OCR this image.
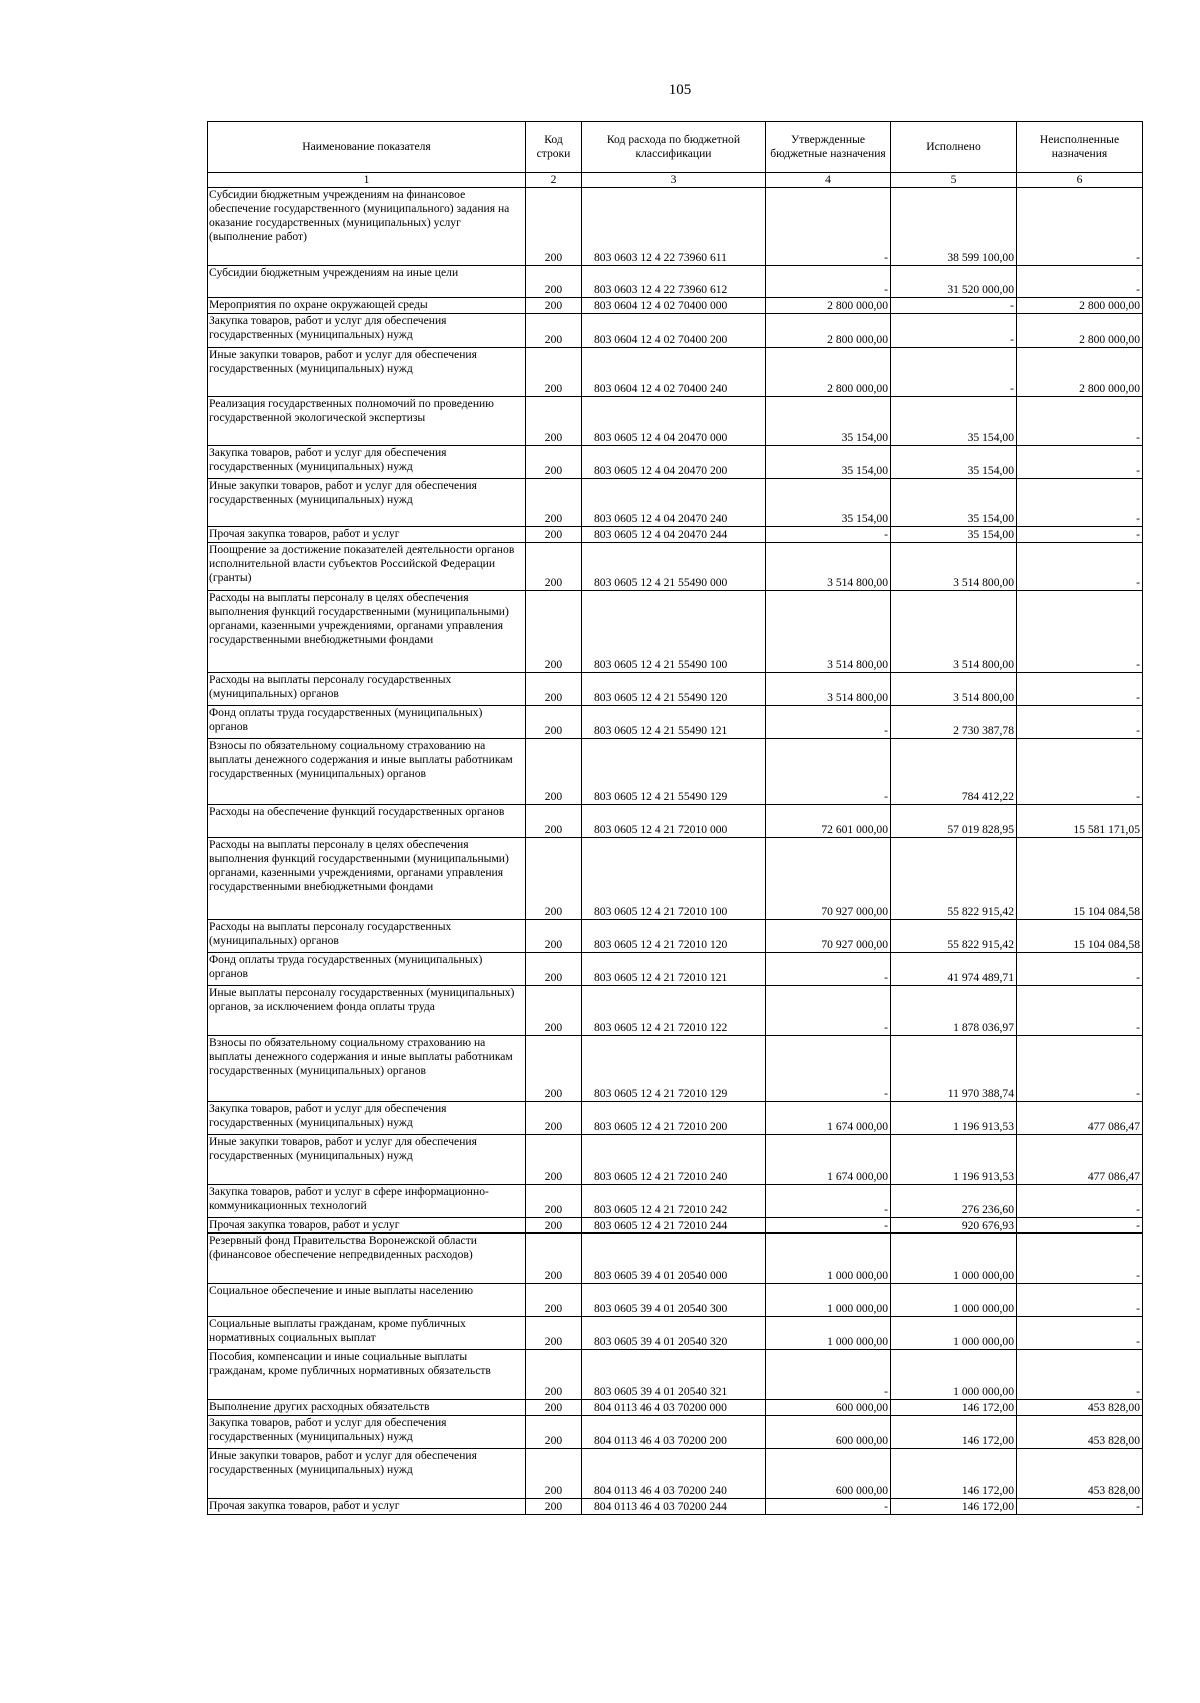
105
Наименование показателя	Код строки	Код расхода по бюджетной классификации	Утвержденные бюджетные назначения	Исполнено	Неисполненные назначения
1	2	3	4	5	6
Субсидии бюджетным учреждениям на финансовое обеспечение государственного (муниципального) задания на оказание государственных (муниципальных) услуг (выполнение работ)	200	803 0603 12 4 22 73960 611	-	38 599 100,00	-
Субсидии бюджетным учреждениям на иные цели	200	803 0603 12 4 22 73960 612	-	31 520 000,00	-
Мероприятия по охране окружающей среды	200	803 0604 12 4 02 70400 000	2 800 000,00	-	2 800 000,00
Закупка товаров, работ и услуг для обеспечения государственных (муниципальных) нужд	200	803 0604 12 4 02 70400 200	2 800 000,00	-	2 800 000,00
Иные закупки товаров, работ и услуг для обеспечения государственных (муниципальных) нужд	200	803 0604 12 4 02 70400 240	2 800 000,00	-	2 800 000,00
Реализация государственных полномочий по проведению государственной экологической экспертизы	200	803 0605 12 4 04 20470 000	35 154,00	35 154,00	-
Закупка товаров, работ и услуг для обеспечения государственных (муниципальных) нужд	200	803 0605 12 4 04 20470 200	35 154,00	35 154,00	-
Иные закупки товаров, работ и услуг для обеспечения государственных (муниципальных) нужд	200	803 0605 12 4 04 20470 240	35 154,00	35 154,00	-
Прочая закупка товаров, работ и услуг	200	803 0605 12 4 04 20470 244	-	35 154,00	-
Поощрение за достижение показателей деятельности органов исполнительной власти субъектов Российской Федерации (гранты)	200	803 0605 12 4 21 55490 000	3 514 800,00	3 514 800,00	-
Расходы на выплаты персоналу в целях обеспечения выполнения функций государственными (муниципальными) органами, казенными учреждениями, органами управления государственными внебюджетными фондами	200	803 0605 12 4 21 55490 100	3 514 800,00	3 514 800,00	-
Расходы на выплаты персоналу государственных (муниципальных) органов	200	803 0605 12 4 21 55490 120	3 514 800,00	3 514 800,00	-
Фонд оплаты труда государственных (муниципальных) органов	200	803 0605 12 4 21 55490 121	-	2 730 387,78	-
Взносы по обязательному социальному страхованию на выплаты денежного содержания и иные выплаты работникам государственных (муниципальных) органов	200	803 0605 12 4 21 55490 129	-	784 412,22	-
Расходы на обеспечение функций государственных органов	200	803 0605 12 4 21 72010 000	72 601 000,00	57 019 828,95	15 581 171,05
Расходы на выплаты персоналу в целях обеспечения выполнения функций государственными (муниципальными) органами, казенными учреждениями, органами управления государственными внебюджетными фондами	200	803 0605 12 4 21 72010 100	70 927 000,00	55 822 915,42	15 104 084,58
Расходы на выплаты персоналу государственных (муниципальных) органов	200	803 0605 12 4 21 72010 120	70 927 000,00	55 822 915,42	15 104 084,58
Фонд оплаты труда государственных (муниципальных) органов	200	803 0605 12 4 21 72010 121	-	41 974 489,71	-
Иные выплаты персоналу государственных (муниципальных) органов, за исключением фонда оплаты труда	200	803 0605 12 4 21 72010 122	-	1 878 036,97	-
Взносы по обязательному социальному страхованию на выплаты денежного содержания и иные выплаты работникам государственных (муниципальных) органов	200	803 0605 12 4 21 72010 129	-	11 970 388,74	-
Закупка товаров, работ и услуг для обеспечения государственных (муниципальных) нужд	200	803 0605 12 4 21 72010 200	1 674 000,00	1 196 913,53	477 086,47
Иные закупки товаров, работ и услуг для обеспечения государственных (муниципальных) нужд	200	803 0605 12 4 21 72010 240	1 674 000,00	1 196 913,53	477 086,47
Закупка товаров, работ и услуг в сфере информационно-коммуникационных технологий	200	803 0605 12 4 21 72010 242	-	276 236,60	-
Прочая закупка товаров, работ и услуг	200	803 0605 12 4 21 72010 244	-	920 676,93	-
Резервный фонд Правительства Воронежской области (финансовое обеспечение непредвиденных расходов)	200	803 0605 39 4 01 20540 000	1 000 000,00	1 000 000,00	-
Социальное обеспечение и иные выплаты населению	200	803 0605 39 4 01 20540 300	1 000 000,00	1 000 000,00	-
Социальные выплаты гражданам, кроме публичных нормативных социальных выплат	200	803 0605 39 4 01 20540 320	1 000 000,00	1 000 000,00	-
Пособия, компенсации и иные социальные выплаты гражданам, кроме публичных нормативных обязательств	200	803 0605 39 4 01 20540 321	-	1 000 000,00	-
Выполнение других расходных обязательств	200	804 0113 46 4 03 70200 000	600 000,00	146 172,00	453 828,00
Закупка товаров, работ и услуг для обеспечения государственных (муниципальных) нужд	200	804 0113 46 4 03 70200 200	600 000,00	146 172,00	453 828,00
Иные закупки товаров, работ и услуг для обеспечения государственных (муниципальных) нужд	200	804 0113 46 4 03 70200 240	600 000,00	146 172,00	453 828,00
Прочая закупка товаров, работ и услуг	200	804 0113 46 4 03 70200 244	-	146 172,00	-
